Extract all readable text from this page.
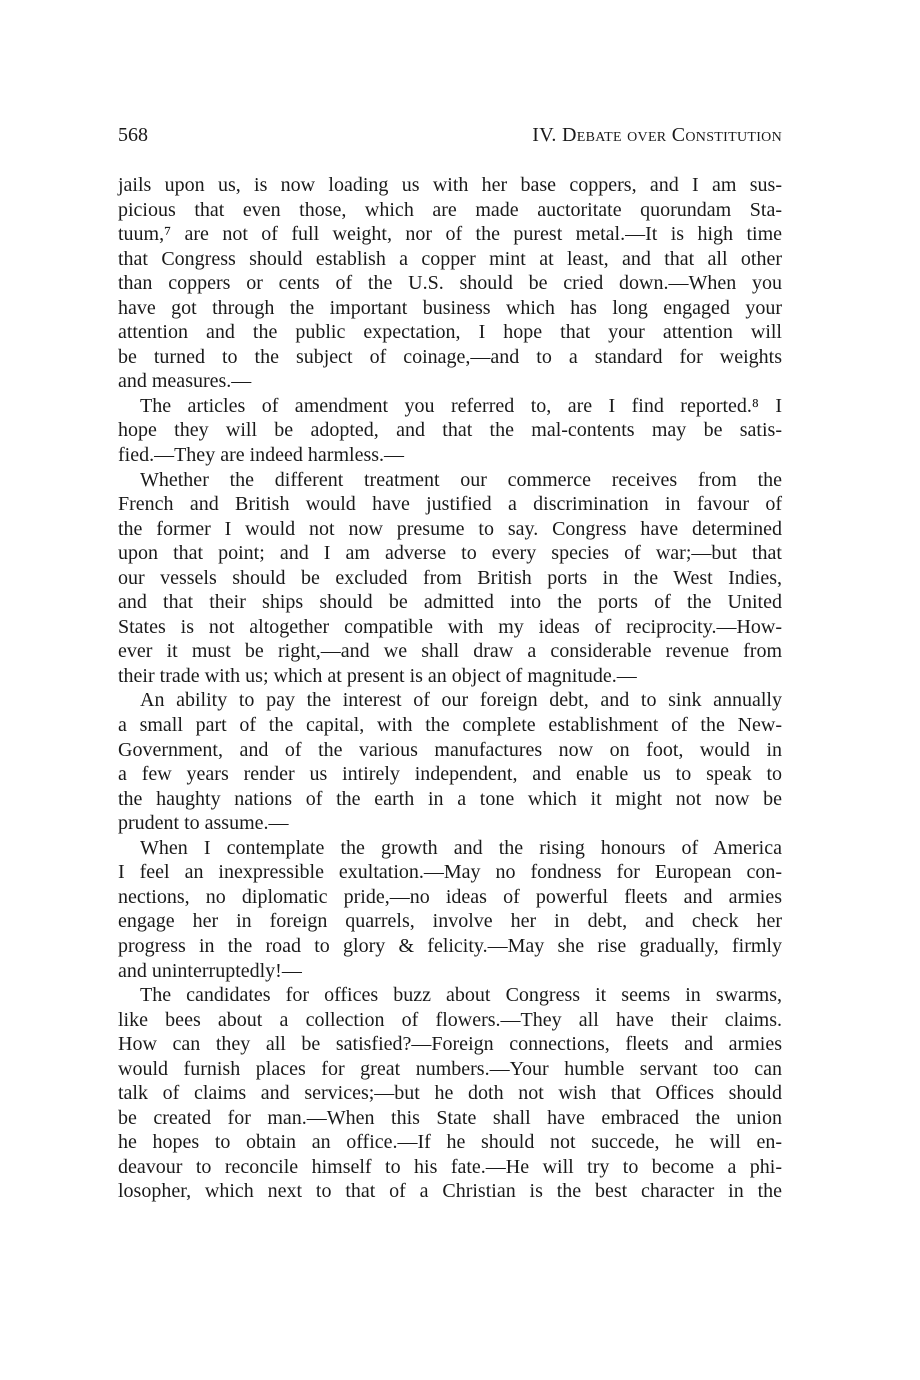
568	IV. Debate over Constitution
jails upon us, is now loading us with her base coppers, and I am sus-
picious that even those, which are made auctoritate quorundam Sta-
tuum,⁷ are not of full weight, nor of the purest metal.—It is high time
that Congress should establish a copper mint at least, and that all other
than coppers or cents of the U.S. should be cried down.—When you
have got through the important business which has long engaged your
attention and the public expectation, I hope that your attention will
be turned to the subject of coinage,—and to a standard for weights
and measures.—
The articles of amendment you referred to, are I find reported.⁸ I
hope they will be adopted, and that the mal-contents may be satis-
fied.—They are indeed harmless.—
Whether the different treatment our commerce receives from the
French and British would have justified a discrimination in favour of
the former I would not now presume to say. Congress have determined
upon that point; and I am adverse to every species of war;—but that
our vessels should be excluded from British ports in the West Indies,
and that their ships should be admitted into the ports of the United
States is not altogether compatible with my ideas of reciprocity.—How-
ever it must be right,—and we shall draw a considerable revenue from
their trade with us; which at present is an object of magnitude.—
An ability to pay the interest of our foreign debt, and to sink annually
a small part of the capital, with the complete establishment of the New-
Government, and of the various manufactures now on foot, would in
a few years render us intirely independent, and enable us to speak to
the haughty nations of the earth in a tone which it might not now be
prudent to assume.—
When I contemplate the growth and the rising honours of America
I feel an inexpressible exultation.—May no fondness for European con-
nections, no diplomatic pride,—no ideas of powerful fleets and armies
engage her in foreign quarrels, involve her in debt, and check her
progress in the road to glory & felicity.—May she rise gradually, firmly
and uninterruptedly!—
The candidates for offices buzz about Congress it seems in swarms,
like bees about a collection of flowers.—They all have their claims.
How can they all be satisfied?—Foreign connections, fleets and armies
would furnish places for great numbers.—Your humble servant too can
talk of claims and services;—but he doth not wish that Offices should
be created for man.—When this State shall have embraced the union
he hopes to obtain an office.—If he should not succede, he will en-
deavour to reconcile himself to his fate.—He will try to become a phi-
losopher, which next to that of a Christian is the best character in the
